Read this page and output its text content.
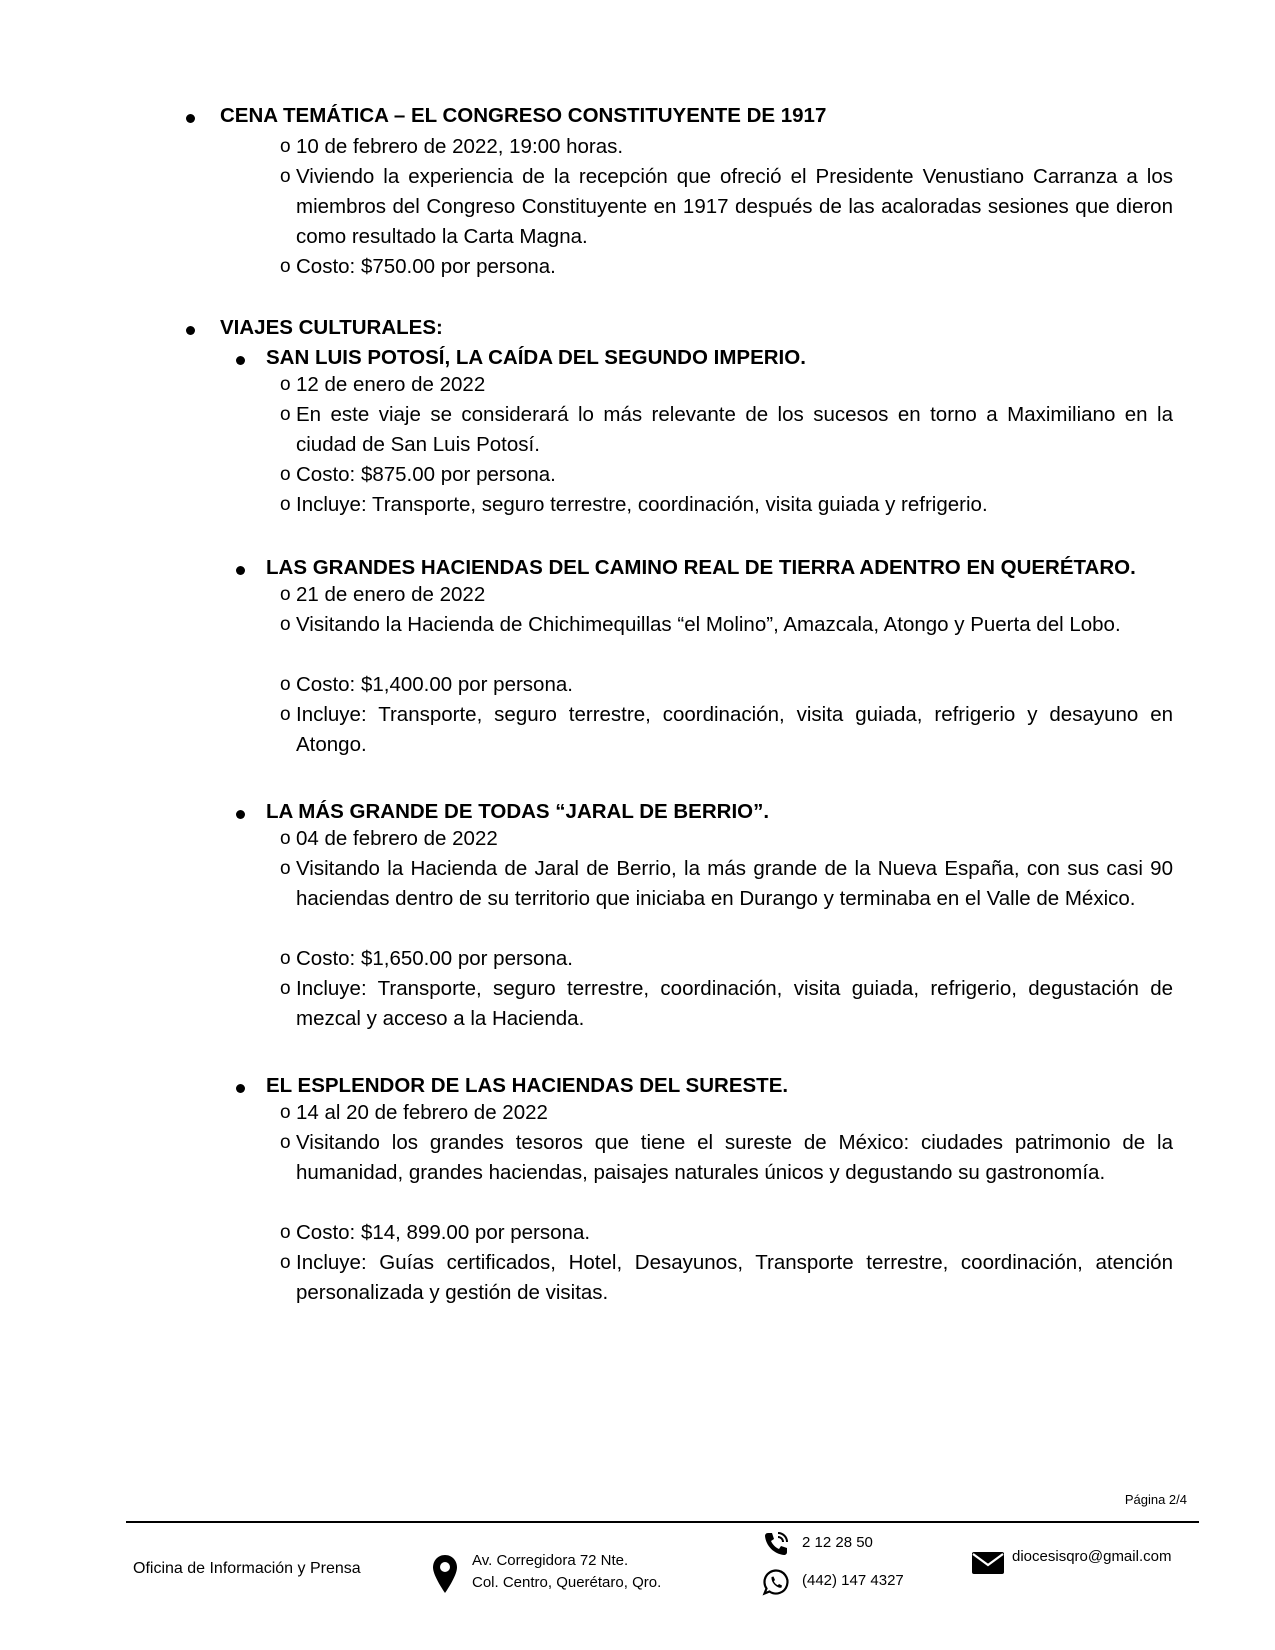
CENA TEMÁTICA – EL CONGRESO CONSTITUYENTE DE 1917
o 10 de febrero de 2022, 19:00 horas.
o Viviendo la experiencia de la recepción que ofreció el Presidente Venustiano Carranza a los miembros del Congreso Constituyente en 1917 después de las acaloradas sesiones que dieron como resultado la Carta Magna.
o Costo: $750.00 por persona.
VIAJES CULTURALES:
SAN LUIS POTOSÍ, LA CAÍDA DEL SEGUNDO IMPERIO.
o 12 de enero de 2022
o En este viaje se considerará lo más relevante de los sucesos en torno a Maximiliano en la ciudad de San Luis Potosí.
o Costo: $875.00 por persona.
o Incluye: Transporte, seguro terrestre, coordinación, visita guiada y refrigerio.
LAS GRANDES HACIENDAS DEL CAMINO REAL DE TIERRA ADENTRO EN QUERÉTARO.
o 21 de enero de 2022
o Visitando la Hacienda de Chichimequillas “el Molino”, Amazcala, Atongo y Puerta del Lobo.
o Costo: $1,400.00 por persona.
o Incluye: Transporte, seguro terrestre, coordinación, visita guiada, refrigerio y desayuno en Atongo.
LA MÁS GRANDE DE TODAS “JARAL DE BERRIO”.
o 04 de febrero de 2022
o Visitando la Hacienda de Jaral de Berrio, la más grande de la Nueva España, con sus casi 90 haciendas dentro de su territorio que iniciaba en Durango y terminaba en el Valle de México.
o Costo: $1,650.00 por persona.
o Incluye: Transporte, seguro terrestre, coordinación, visita guiada, refrigerio, degustación de mezcal y acceso a la Hacienda.
EL ESPLENDOR DE LAS HACIENDAS DEL SURESTE.
o 14 al 20 de febrero de 2022
o Visitando los grandes tesoros que tiene el sureste de México: ciudades patrimonio de la humanidad, grandes haciendas, paisajes naturales únicos y degustando su gastronomía.
o Costo: $14, 899.00 por persona.
o Incluye: Guías certificados, Hotel, Desayunos, Transporte terrestre, coordinación, atención personalizada y gestión de visitas.
Página 2/4
Oficina de Información y Prensa	Av. Corregidora 72 Nte.
Col. Centro, Querétaro, Qro.
2 12 28 50
(442) 147 4327
diocesisqro@gmail.com
